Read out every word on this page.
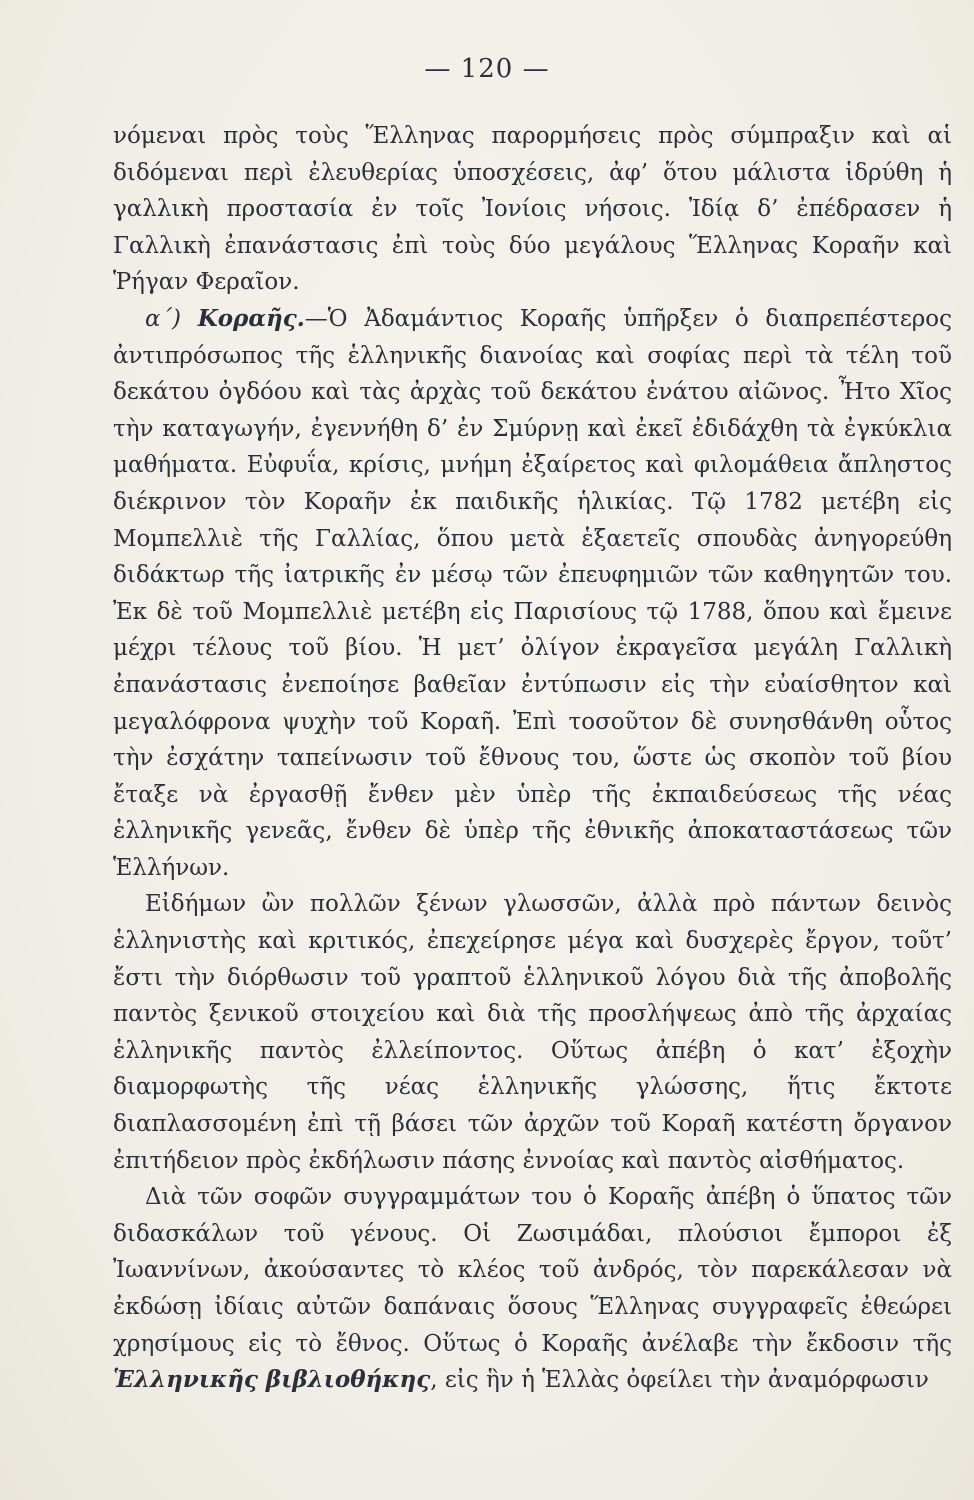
— 120 —

νόμεναι πρὸς τοὺς Ἕλληνας παρορμήσεις πρὸς σύμπραξιν καὶ αἱ διδόμεναι περὶ ἐλευθερίας ὑποσχέσεις, ἀφ’ ὅτου μάλιστα ἱδρύθη ἡ γαλλικὴ προστασία ἐν τοῖς Ἰονίοις νήσοις. Ἰδίᾳ δ’ ἐπέδρασεν ἡ Γαλλικὴ ἐπανάστασις ἐπὶ τοὺς δύο μεγάλους Ἕλληνας Κοραῆν καὶ Ῥήγαν Φεραῖον.

α΄) Κοραῆς.—Ὁ Ἀδαμάντιος Κοραῆς ὑπῆρξεν ὁ διαπρεπέστερος ἀντιπρόσωπος τῆς ἑλληνικῆς διανοίας καὶ σοφίας περὶ τὰ τέλη τοῦ δεκάτου ὀγδόου καὶ τὰς ἀρχὰς τοῦ δεκάτου ἐνάτου αἰῶνος. Ἦτο Χῖος τὴν καταγωγήν, ἐγεννήθη δ’ ἐν Σμύρνῃ καὶ ἐκεῖ ἐδιδάχθη τὰ ἐγκύκλια μαθήματα. Εὐφυΐα, κρίσις, μνήμη ἐξαίρετος καὶ φιλομάθεια ἄπληστος διέκρινον τὸν Κοραῆν ἐκ παιδικῆς ἡλικίας. Τῷ 1782 μετέβη εἰς Μομπελλιὲ τῆς Γαλλίας, ὅπου μετὰ ἑξαετεῖς σπουδὰς ἀνηγορεύθη διδάκτωρ τῆς ἰατρικῆς ἐν μέσῳ τῶν ἐπευφημιῶν τῶν καθηγητῶν του. Ἐκ δὲ τοῦ Μομπελλιὲ μετέβη εἰς Παρισίους τῷ 1788, ὅπου καὶ ἔμεινε μέχρι τέλους τοῦ βίου. Ἡ μετ’ ὀλίγον ἐκραγεῖσα μεγάλη Γαλλικὴ ἐπανάστασις ἐνεποίησε βαθεῖαν ἐντύπωσιν εἰς τὴν εὐαίσθητον καὶ μεγαλόφρονα ψυχὴν τοῦ Κοραῆ. Ἐπὶ τοσοῦτον δὲ συνησθάνθη οὗτος τὴν ἐσχάτην ταπείνωσιν τοῦ ἔθνους του, ὥστε ὡς σκοπὸν τοῦ βίου ἔταξε νὰ ἐργασθῇ ἔνθεν μὲν ὑπὲρ τῆς ἐκπαιδεύσεως τῆς νέας ἑλληνικῆς γενεᾶς, ἔνθεν δὲ ὑπὲρ τῆς ἐθνικῆς ἀποκαταστάσεως τῶν Ἑλλήνων.

Εἰδήμων ὢν πολλῶν ξένων γλωσσῶν, ἀλλὰ πρὸ πάντων δεινὸς ἑλληνιστὴς καὶ κριτικός, ἐπεχείρησε μέγα καὶ δυσχερὲς ἔργον, τοῦτ’ ἔστι τὴν διόρθωσιν τοῦ γραπτοῦ ἑλληνικοῦ λόγου διὰ τῆς ἀποβολῆς παντὸς ξενικοῦ στοιχείου καὶ διὰ τῆς προσλήψεως ἀπὸ τῆς ἀρχαίας ἑλληνικῆς παντὸς ἐλλείποντος. Οὕτως ἀπέβη ὁ κατ’ ἐξοχὴν διαμορφωτὴς τῆς νέας ἑλληνικῆς γλώσσης, ἥτις ἔκτοτε διαπλασσομένη ἐπὶ τῇ βάσει τῶν ἀρχῶν τοῦ Κοραῆ κατέστη ὄργανον ἐπιτήδειον πρὸς ἐκδήλωσιν πάσης ἐννοίας καὶ παντὸς αἰσθήματος.

Διὰ τῶν σοφῶν συγγραμμάτων του ὁ Κοραῆς ἀπέβη ὁ ὕπατος τῶν διδασκάλων τοῦ γένους. Οἱ Ζωσιμάδαι, πλούσιοι ἔμποροι ἐξ Ἰωαννίνων, ἀκούσαντες τὸ κλέος τοῦ ἀνδρός, τὸν παρεκάλεσαν νὰ ἐκδώσῃ ἰδίαις αὐτῶν δαπάναις ὅσους Ἕλληνας συγγραφεῖς ἐθεώρει χρησίμους εἰς τὸ ἔθνος. Οὕτως ὁ Κοραῆς ἀνέλαβε τὴν ἔκδοσιν τῆς Ἑλληνικῆς βιβλιοθήκης, εἰς ἣν ἡ Ἑλλὰς ὀφείλει τὴν ἀναμόρφωσιν
